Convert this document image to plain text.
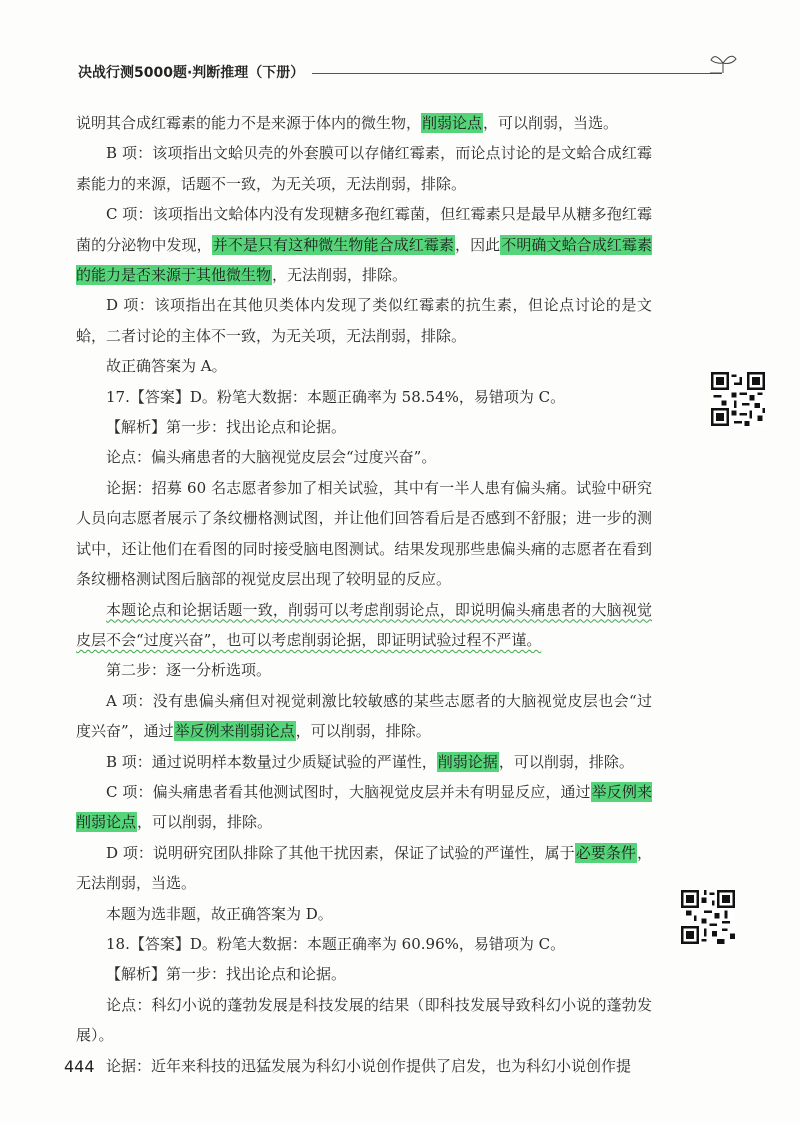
决战行测5000题·判断推理（下册）

说明其合成红霉素的能力不是来源于体内的微生物，削弱论点，可以削弱，当选。

B 项：该项指出文蛤贝壳的外套膜可以存储红霉素，而论点讨论的是文蛤合成红霉素能力的来源，话题不一致，为无关项，无法削弱，排除。

C 项：该项指出文蛤体内没有发现糖多孢红霉菌，但红霉素只是最早从糖多孢红霉菌的分泌物中发现，并不是只有这种微生物能合成红霉素，因此不明确文蛤合成红霉素的能力是否来源于其他微生物，无法削弱，排除。

D 项：该项指出在其他贝类体内发现了类似红霉素的抗生素，但论点讨论的是文蛤，二者讨论的主体不一致，为无关项，无法削弱，排除。

故正确答案为 A。

17.【答案】D。粉笔大数据：本题正确率为 58.54%，易错项为 C。

【解析】第一步：找出论点和论据。

论点：偏头痛患者的大脑视觉皮层会“过度兴奋”。

论据：招募 60 名志愿者参加了相关试验，其中有一半人患有偏头痛。试验中研究人员向志愿者展示了条纹栅格测试图，并让他们回答看后是否感到不舒服；进一步的测试中，还让他们在看图的同时接受脑电图测试。结果发现那些患偏头痛的志愿者在看到条纹栅格测试图后脑部的视觉皮层出现了较明显的反应。

本题论点和论据话题一致，削弱可以考虑削弱论点，即说明偏头痛患者的大脑视觉皮层不会“过度兴奋”，也可以考虑削弱论据，即证明试验过程不严谨。

第二步：逐一分析选项。

A 项：没有患偏头痛但对视觉刺激比较敏感的某些志愿者的大脑视觉皮层也会“过度兴奋”，通过举反例来削弱论点，可以削弱，排除。

B 项：通过说明样本数量过少质疑试验的严谨性，削弱论据，可以削弱，排除。

C 项：偏头痛患者看其他测试图时，大脑视觉皮层并未有明显反应，通过举反例来削弱论点，可以削弱，排除。

D 项：说明研究团队排除了其他干扰因素，保证了试验的严谨性，属于必要条件，无法削弱，当选。

本题为选非题，故正确答案为 D。

18.【答案】D。粉笔大数据：本题正确率为 60.96%，易错项为 C。

【解析】第一步：找出论点和论据。

论点：科幻小说的蓬勃发展是科技发展的结果（即科技发展导致科幻小说的蓬勃发展）。

论据：近年来科技的迅猛发展为科幻小说创作提供了启发，也为科幻小说创作提

444
